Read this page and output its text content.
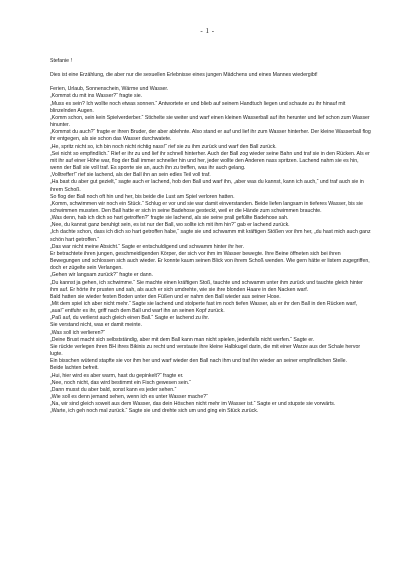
- 1 -

Stefanie !

Dies ist eine Erzählung, die aber nur die sexuellen Erlebnisse eines jungen Mädchens und eines Mannes wiedergibt!

Ferien, Urlaub, Sonnenschein, Wärme und Wasser.

„Kommst du mit ins Wasser?“ fragte sie.

„Muss es sein? Ich wollte noch etwas sonnen.“ Antwortete er und blieb auf seinem Handtuch liegen und schaute zu ihr hinauf mit blinzelnden Augen.

„Komm schon, sein kein Spielverderber.“ Stichelte sie weiter und warf einen kleinen Wasserball auf ihn herunter und lief schon zum Wasser hinunter.

„Kommst du auch?“ fragte er ihren Bruder, der aber ablehnte. Also stand er auf und lief ihr zum Wasser hinterher. Der kleine Wasserball flog ihr entgegen, als sie schon das Wasser durchwatete.

„He, spritz nicht so, ich bin noch nicht richtig nass!“ rief sie zu ihm zurück und warf den Ball zurück.

„Sei nicht so empfindlich.“ Rief er ihr zu und lief ihr schnell hinterher. Auch der Ball zog wieder seine Bahn und traf sie in den Rücken. Als er mit ihr auf einer Höhe war, flog der Ball immer schneller hin und her, jeder wollte den Anderen nass spritzen. Lachend nahm sie es hin, wenn der Ball sie voll traf. Es sporrte sie an, auch ihn zu treffen, was ihr auch gelang.

„Volltreffer!“ rief sie lachend, als der Ball ihn an sein edles Teil voll traf.

„Ha bast du aber gut gezielt,“ sagte auch er lachend, hob den Ball und warf ihn, „aber was du kannst, kann ich auch,“ und traf auch sie in ihrem Schoß.

So flog der Ball noch oft hin und her, bis beide die Lust am Spiel verloren hatten.

„Komm, schwimmen wir noch ein Stück.“ Schlug er vor und sie war damit einverstanden. Beide liefen langsam in tieferes Wasser, bis sie schwimmen mussten. Den Ball hatte er sich in seine Badehose gesteckt, weil er die Hände zum schwimmen brauchte.

„Was denn, hab ich dich so hart getroffen?“ fragte sie lachend, als sie seine prall gefüllte Badehose sah.

„Nee, du kannst ganz beruhigt sein, es ist nur der Ball, wo sollte ich mit ihm hin?“ gab er lachend zurück.

„Ich dachte schon, dass ich dich so hart getroffen habe,“ sagte sie und schwamm mit kräftigen Stößen vor ihm her, „du hast mich auch ganz schön hart getroffen.“

„Das war nicht meine Absicht.“ Sagte er entschuldigend und schwamm hinter ihr her.

Er betrachtete ihren jungen, geschmeidigenden Körper, der sich vor ihm im Wasser bewegte. Ihre Beine öffneten sich bei ihren Bewegungen und schlossen sich auch wieder. Er konnte kaum seinen Blick von ihrem Schoß wenden. Wie gern hätte er listern zugegriffen, doch er zügelte sein Verlangen.

„Gehen wir langsam zurück?“ fragte er dann.

„Du kannst ja gehen, ich schwimme.“ Sie machte einen kräftigen Stoß, tauchte und schwamm unter ihm zurück und tauchte gleich hinter ihm auf. Er hörte ihr prusten und sah, als auch er sich umdrehte, wie sie ihre blonden Haare in den Nacken warf.

Bald hatten sie wieder festen Boden unter den Füßen und er nahm den Ball wieder aus seiner Hose.

„Mit dem spiel ich aber nicht mehr.“ Sagte sie lachend und stolperte fast im noch tiefen Wasser, als er ihr den Ball in den Rücken warf, „aua!“ entfuhr es ihr, griff nach dem Ball und warf ihn an seinen Kopf zurück.

„Paß auf, du verlierst auch gleich einen Ball.“ Sagte er lachend zu ihr.

Sie verstand nicht, was er damit meinte.

„Was soll ich verlieren?“

„Deine Brust macht sich selbstständig, aber mit dem Ball kann man nicht spielen, jedenfalls nicht werfen.“ Sagte er.

Sie rückte verlegen ihren BH ihres Bikinis zu recht und verstaute ihre kleine Halbkugel darin, die mit einer Warze aus der Schale hervor lugte.

Ein bisschen wütend stapfte sie vor ihm her und warf wieder den Ball nach ihm und traf ihn wieder an seiner empfindlichen Stelle.

Beide lachten befreit.

„Hui, hier wird es aber warm, hast du gepinkelt?“ fragte er.

„Nee, noch nicht, das wird bestimmt ein Fisch gewesen sein.“

„Dann musst du aber bald, sonst kann es jeder sehen.“

„Wie soll es denn jemand sehen, wenn ich es unter Wasser mache?“

„Na, wir sind gleich soweit aus dem Wasser, das dein Höschen nicht mehr im Wasser ist.“ Sagte er und stupste sie vorwärts.

„Warte, ich geh noch mal zurück.“ Sagte sie und drehte sich um und ging ein Stück zurück.
